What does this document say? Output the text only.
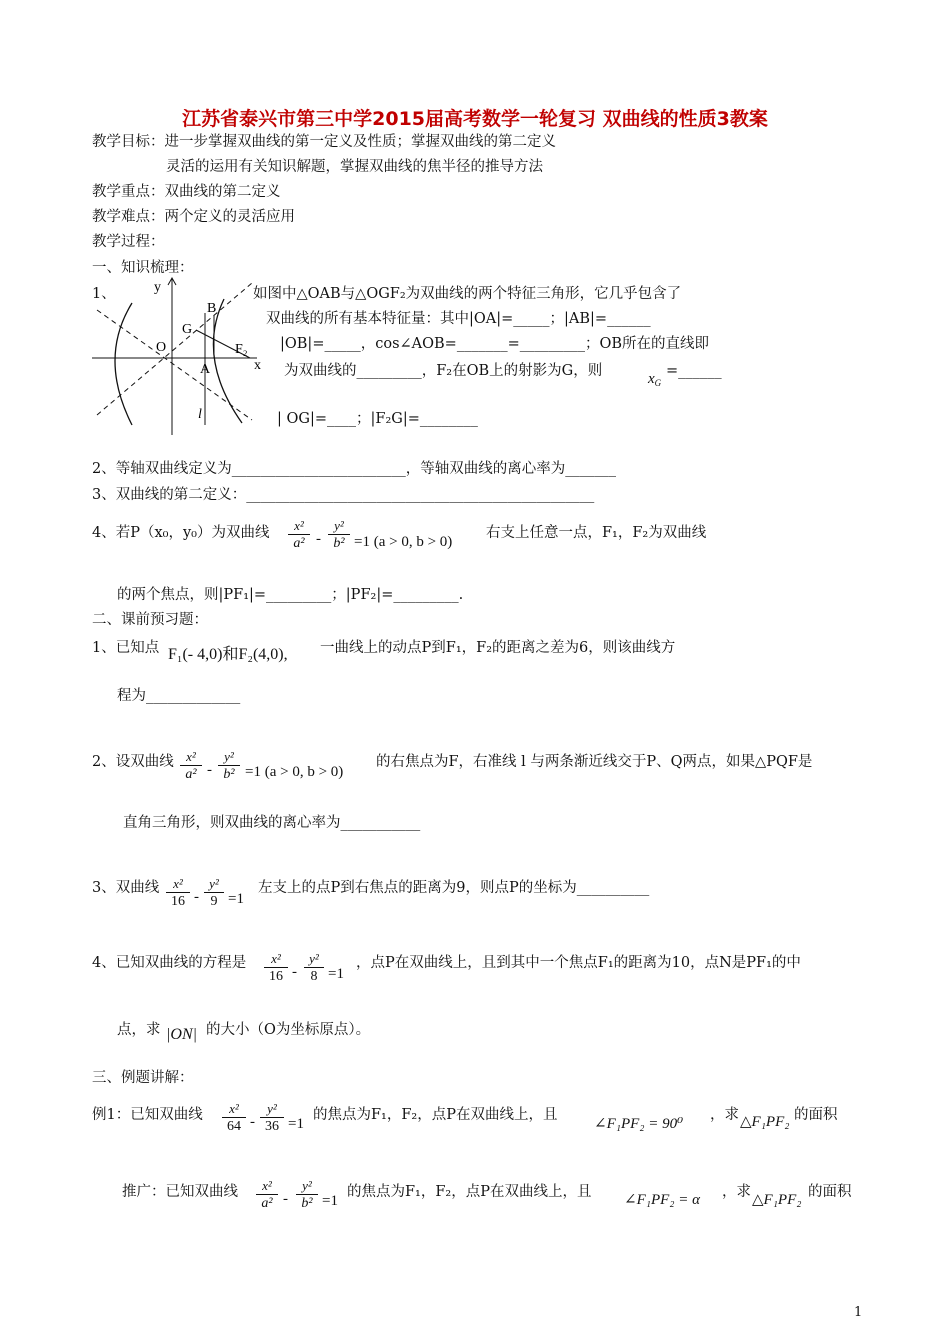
江苏省泰兴市第三中学2015届高考数学一轮复习 双曲线的性质3教案
教学目标：进一步掌握双曲线的第一定义及性质；掌握双曲线的第二定义
灵活的运用有关知识解题，掌握双曲线的焦半径的推导方法
教学重点：双曲线的第二定义
教学难点：两个定义的灵活应用
教学过程：
一、知识梳理：
1、	y
B
G
O	F₂
A	x
l
如图中△OAB与△OGF₂为双曲线的两个特征三角形，它几乎包含了
双曲线的所有基本特征量：其中|OA|=_____；|AB|=______
|OB|=_____，cos∠AOB=_______=_________；OB所在的直线即
为双曲线的_________，F₂在OB上的射影为G，则	$x_G$
=______
| OG|=____；|F₂G|=________
2、等轴双曲线定义为________________________，等轴双曲线的离心率为_______
3、双曲线的第二定义：________________________________________________
4、若P（x₀，y₀）为双曲线 $\frac{\text{x²}}{\text{a²}} - \frac{\text{y²}}{\text{b²}} =1$ (a > 0, b > 0)
右支上任意一点，F₁，F₂为双曲线
的两个焦点，则|PF₁|=_________；|PF₂|=_________.
二、课前预习题：
1、已知点 F₁(- 4,0)和F₂(4,0), 一曲线上的动点P到F₁，F₂的距离之差为6，则该曲线方
程为_____________
2、设双曲线 $\frac{\text{x²}}{\text{a²}} - \frac{\text{y²}}{\text{b²}} =1$ (a > 0, b > 0)
的右焦点为F，右准线 l 与两条渐近线交于P、Q两点，如果△PQF是
直角三角形，则双曲线的离心率为___________
3、双曲线 $\frac{\text{x²}}{16} - \frac{\text{y²}}{9} =1$
左支上的点P到右焦点的距离为9，则点P的坐标为__________
4、已知双曲线的方程是 $\frac{\text{x²}}{16} - \frac{\text{y²}}{8} =1$
，点P在双曲线上，且到其中一个焦点F₁的距离为10，点N是PF₁的中
点，求 |ON| 的大小（O为坐标原点）。
三、例题讲解：
例1：已知双曲线 $\frac{\text{x²}}{64} - \frac{\text{y²}}{36} =1$
的焦点为F₁，F₂，点P在双曲线上，且
∠F₁PF₂ = 90⁰
，求 △F₁PF₂ 的面积
推广：已知双曲线 $\frac{\text{x²}}{\text{a²}} - \frac{\text{y²}}{\text{b²}} =1$
的焦点为F₁，F₂，点P在双曲线上，且 ∠F₁PF₂ = α ，求 △F₁PF₂ 的面积
1
